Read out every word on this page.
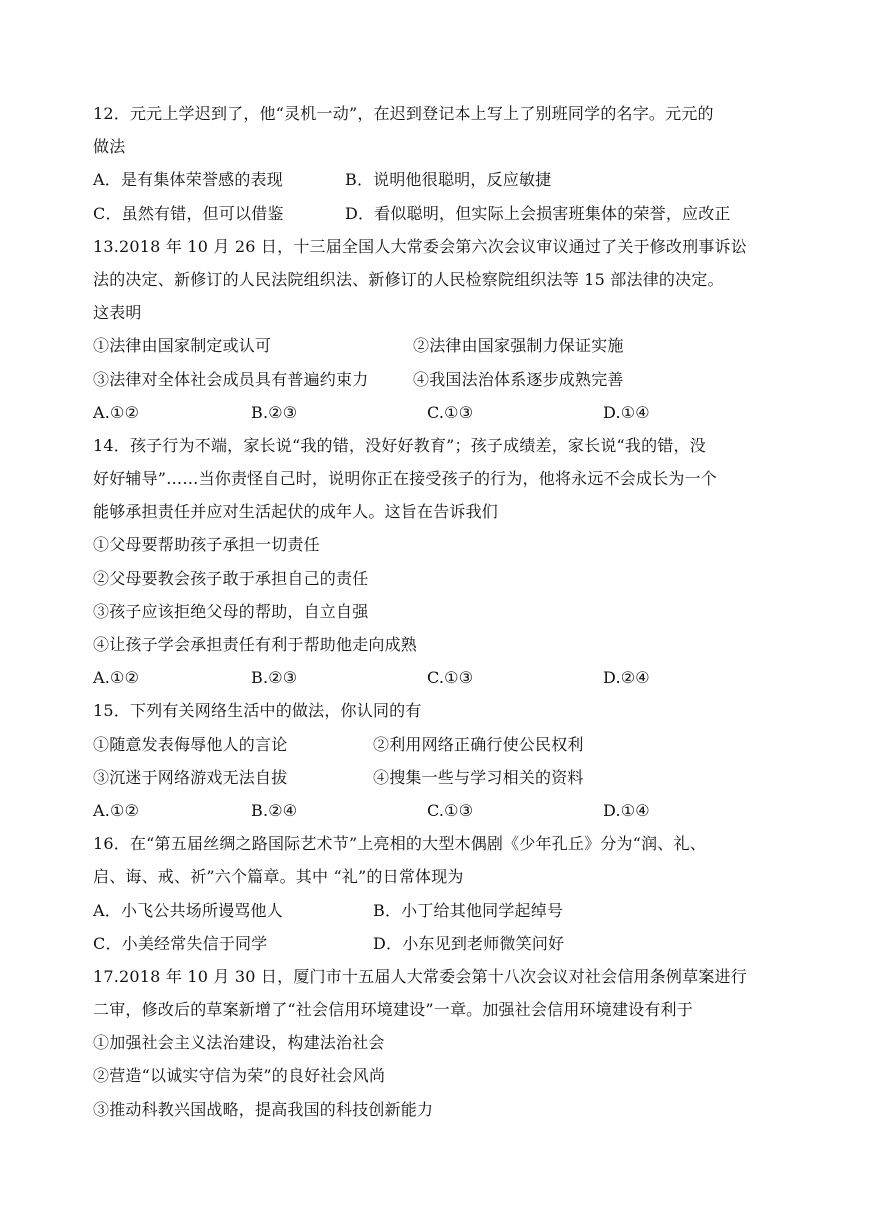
12．元元上学迟到了，他“灵机一动”，在迟到登记本上写上了别班同学的名字。元元的
做法
A．是有集体荣誉感的表现	B．说明他很聪明，反应敏捷
C．虽然有错，但可以借鉴	D．看似聪明，但实际上会损害班集体的荣誉，应改正
13.2018 年 10 月 26 日，十三届全国人大常委会第六次会议审议通过了关于修改刑事诉讼
法的决定、新修订的人民法院组织法、新修订的人民检察院组织法等 15 部法律的决定。
这表明
①法律由国家制定或认可	②法律由国家强制力保证实施
③法律对全体社会成员具有普遍约束力	④我国法治体系逐步成熟完善
A.①②	B.②③	C.①③	D.①④
14．孩子行为不端，家长说“我的错，没好好教育”；孩子成绩差，家长说“我的错，没
好好辅导”……当你责怪自己时，说明你正在接受孩子的行为，他将永远不会成长为一个
能够承担责任并应对生活起伏的成年人。这旨在告诉我们
①父母要帮助孩子承担一切责任
②父母要教会孩子敢于承担自己的责任
③孩子应该拒绝父母的帮助，自立自强
④让孩子学会承担责任有利于帮助他走向成熟
A.①②	B.②③	C.①③	D.②④
15．下列有关网络生活中的做法，你认同的有
①随意发表侮辱他人的言论	②利用网络正确行使公民权利
③沉迷于网络游戏无法自拔	④搜集一些与学习相关的资料
A.①②	B.②④	C.①③	D.①④
16．在“第五届丝绸之路国际艺术节”上亮相的大型木偶剧《少年孔丘》分为“润、礼、
启、诲、戒、祈”六个篇章。其中 “礼”的日常体现为
A．小飞公共场所谩骂他人	B．小丁给其他同学起绰号
C．小美经常失信于同学	D．小东见到老师微笑问好
17.2018 年 10 月 30 日，厦门市十五届人大常委会第十八次会议对社会信用条例草案进行
二审，修改后的草案新增了“社会信用环境建设”一章。加强社会信用环境建设有利于
①加强社会主义法治建设，构建法治社会
②营造“以诚实守信为荣”的良好社会风尚
③推动科教兴国战略，提高我国的科技创新能力
